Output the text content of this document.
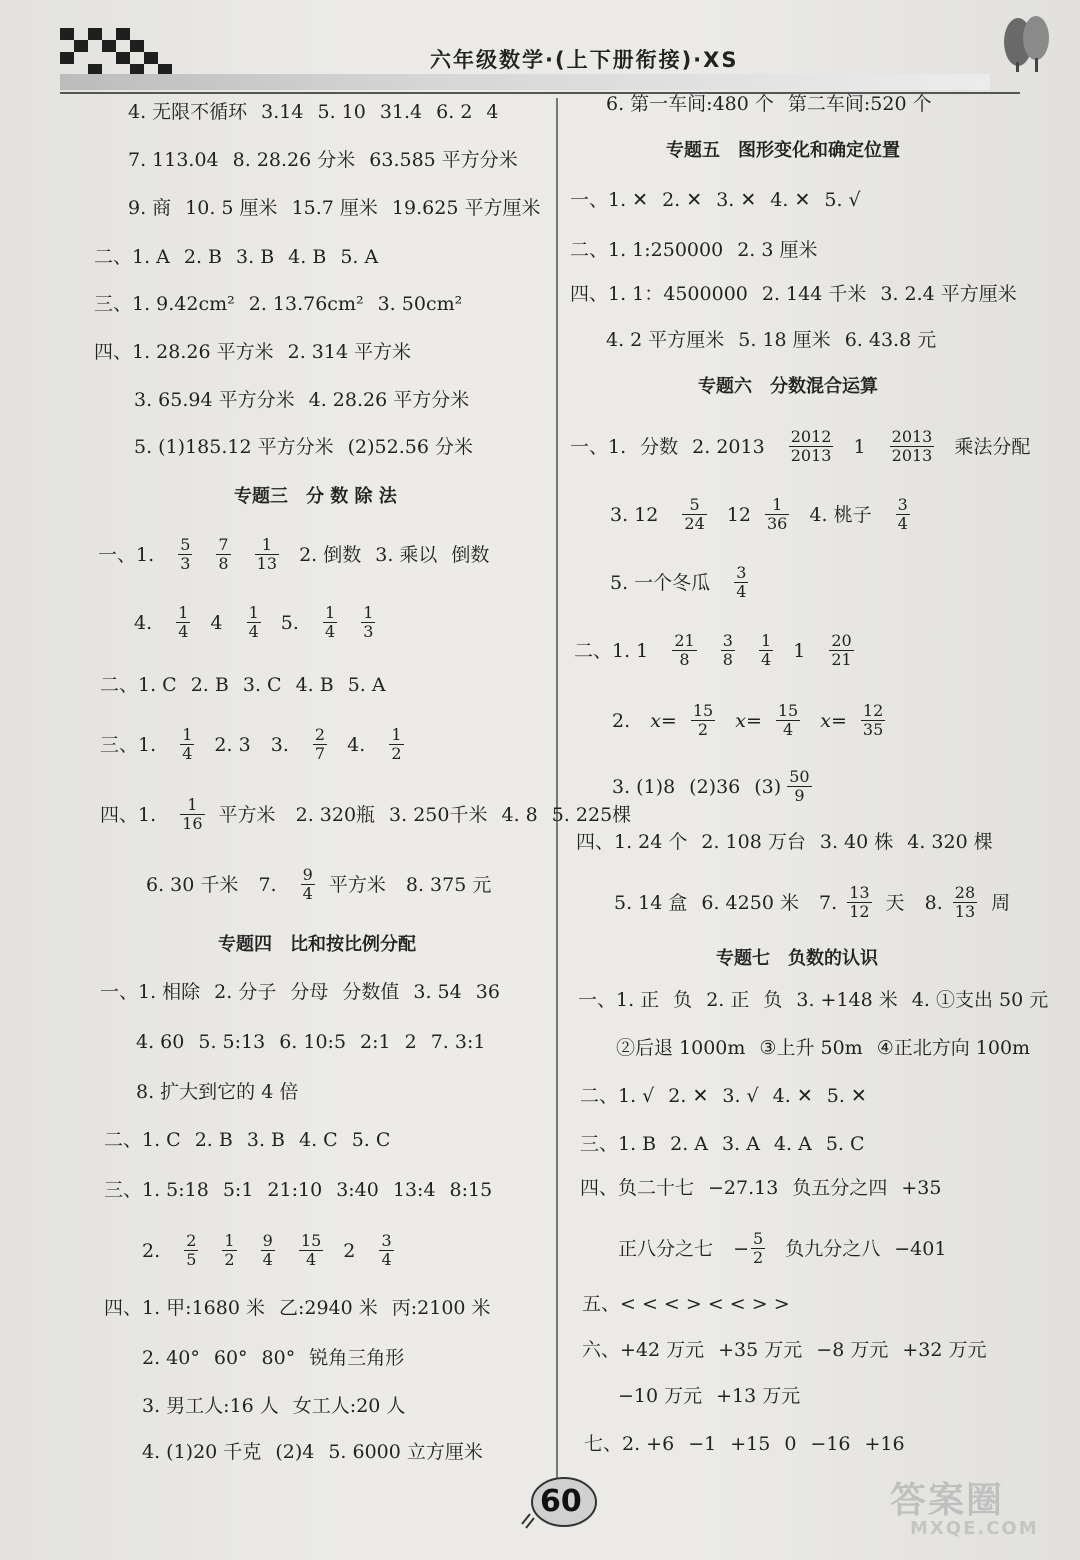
六年级数学·(上下册衔接)·XS
4. 无限不循环 3.14 5. 10 31.4 6. 2 4
7. 113.04 8. 28.26 分米 63.585 平方分米
9. 商 10. 5 厘米 15.7 厘米 19.625 平方厘米
二、1. A 2. B 3. B 4. B 5. A
三、1. 9.42cm² 2. 13.76cm² 3. 50cm²
四、1. 28.26 平方米 2. 314 平方米
3. 65.94 平方分米 4. 28.26 平方分米
5. (1)185.12 平方分米 (2)52.56 分米
专题三　分 数 除 法
一、1. $\frac{5}{3}$
$\frac{7}{8}$
$\frac{1}{13} 2$. 倒数 3. 乘以 倒数
4. $\frac{1}{4} 4 \frac{1}{4} 5$. $\frac{1}{4}$
$\frac{1}{3}$
二、1. C 2. B 3. C 4. B 5. A
三、1. $\frac{1}{4} 2$. 3 3. $\frac{2}{7} 4$. $\frac{1}{2}$
四、1. $\frac{1}{16}$ 平方米 2. 320瓶 3. 250千米 4. 8 5. 225棵
6. 30 千米 7. $\frac{9}{4}$ 平方米 8. 375 元
专题四　比和按比例分配
一、1. 相除 2. 分子 分母 分数值 3. 54 36
4. 60 5. 5:13 6. 10:5 2:1 2 7. 3:1
8. 扩大到它的 4 倍
二、1. C 2. B 3. B 4. C 5. C
三、1. 5:18 5:1 21:10 3:40 13:4 8:15
2. $\frac{2}{5}$
$\frac{1}{2}$
$\frac{9}{4}$
$\frac{15}{4} 2 \frac{3}{4}$
四、1. 甲:1680 米 乙:2940 米 丙:2100 米
2. 40° 60° 80° 锐角三角形
3. 男工人:16 人 女工人:20 人
4. (1)20 千克 (2)4 5. 6000 立方厘米
6. 第一车间:480 个 第二车间:520 个
专题五　图形变化和确定位置
一、1. ✕ 2. ✕ 3. ✕ 4. ✕ 5. √
二、1. 1:250000 2. 3 厘米
四、1. 1：4500000 2. 144 千米 3. 2.4 平方厘米
4. 2 平方厘米 5. 18 厘米 6. 43.8 元
专题六　分数混合运算
一、1. 分数 2. $2013 \frac{2012}{2013} 1 \frac{2013}{2013}$ 乘法分配
3. $12 \frac{5}{24} 12 \frac{1}{36} 4$. 桃子 $\frac{3}{4}$
5. 一个冬瓜 $\frac{3}{4}$
二、1. $1 \frac{21}{8}$
$\frac{3}{8}$
$\frac{1}{4} 1 \frac{20}{21}$
2. $x= \frac{15}{2} x= \frac{15}{4} x= \frac{12}{35}$
3. (1)8 (2)36 $(3) \frac{50}{9}$
四、1. 24 个 2. 108 万台 3. 40 株 4. 320 棵
5. 14 盒 6. 4250 米 7. $\frac{13}{12}$ 天 8. $\frac{28}{13}$ 周
专题七　负数的认识
一、1. 正 负 2. 正 负 3. +148 米 4. ①支出 50 元
②后退 1000m ③上升 50m ④正北方向 100m
二、1. √ 2. ✕ 3. √ 4. ✕ 5. ✕
三、1. B 2. A 3. A 4. A 5. C
四、负二十七 −27.13 负五分之四 +35
正八分之七 − $\frac{5}{2}$ 负九分之八 −401
五、< < < > < < > >
六、+42 万元 +35 万元 −8 万元 +32 万元
−10 万元 +13 万元
七、2. +6 −1 +15 0 −16 +16
60	答案圈
MXQE.COM
